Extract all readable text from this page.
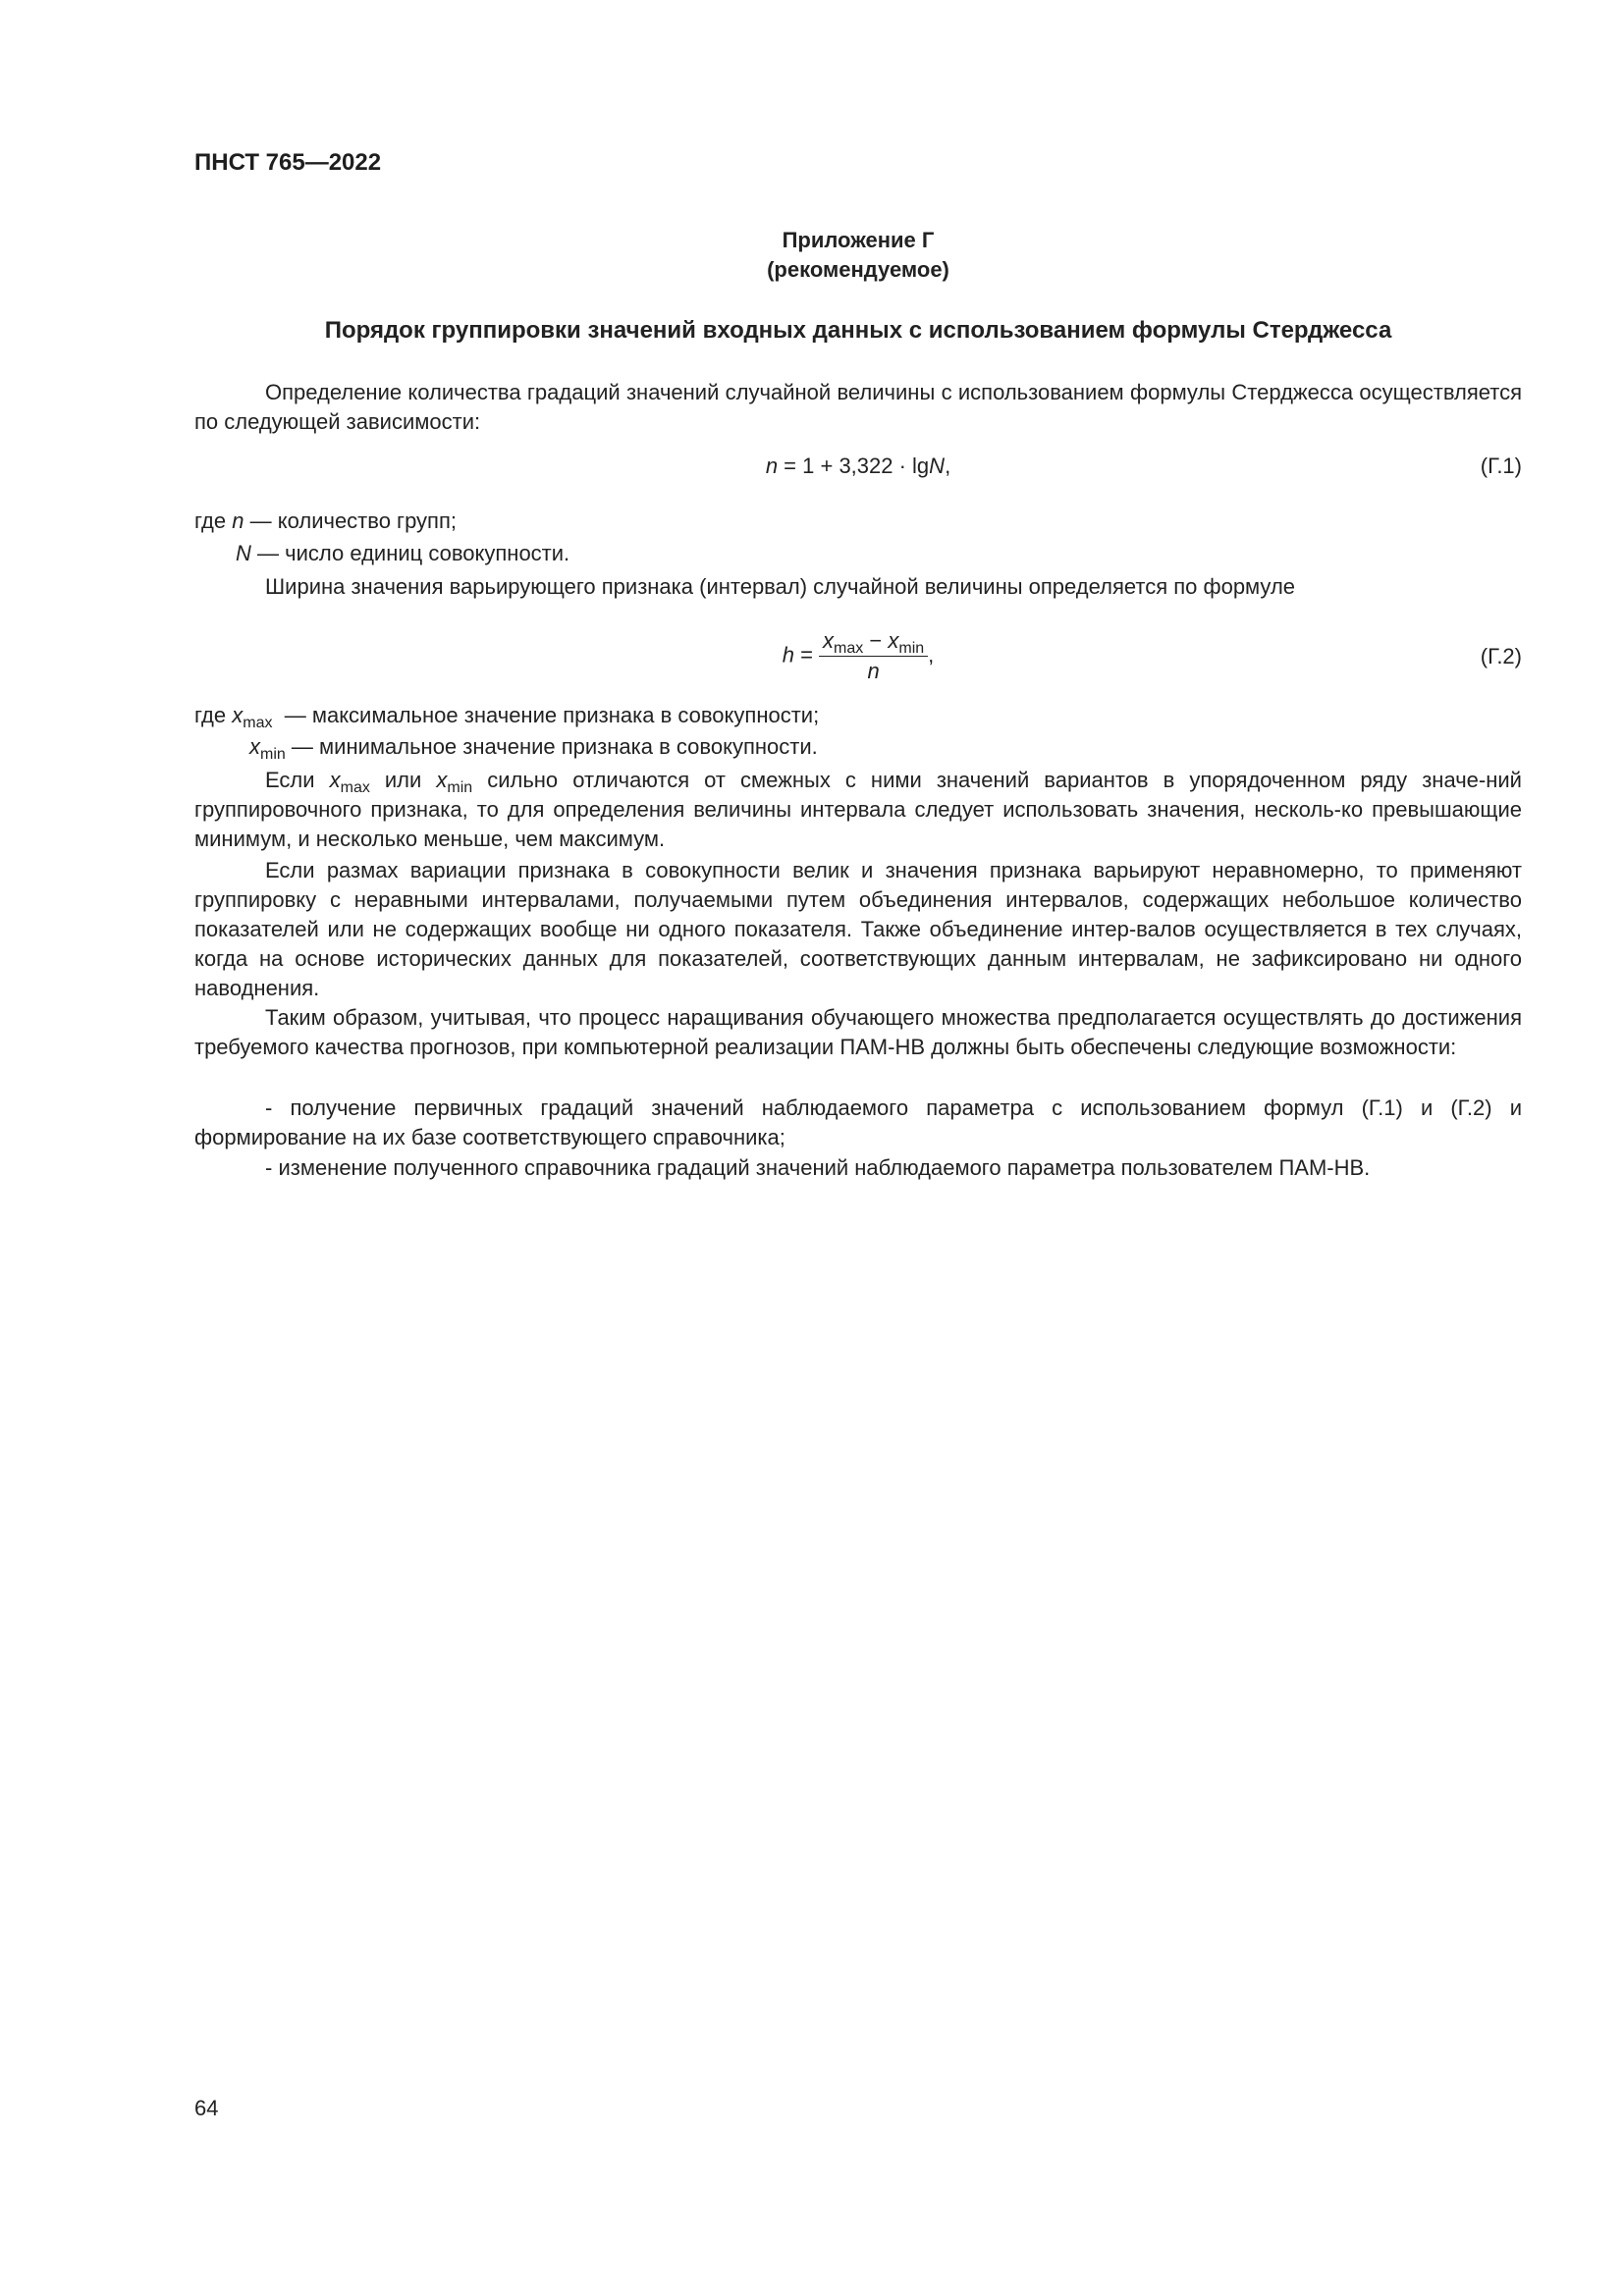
ПНСТ 765—2022
Приложение Г
(рекомендуемое)
Порядок группировки значений входных данных с использованием формулы Стерджесса
Определение количества градаций значений случайной величины с использованием формулы Стерджесса осуществляется по следующей зависимости:
n = 1 + 3,322 · lgN,	(Г.1)
где n — количество групп;
N — число единиц совокупности.
Ширина значения варьирующего признака (интервал) случайной величины определяется по формуле
$h = \frac{x_{max} - x_{min}}{n}$ ,	(Г.2)
где $x_{max}$ — максимальное значение признака в совокупности;
$x_{min}$ — минимальное значение признака в совокупности.
Если $x_{max}$ или $x_{min}$ сильно отличаются от смежных с ними значений вариантов в упорядоченном ряду значе-ний группировочного признака, то для определения величины интервала следует использовать значения, несколь-ко превышающие минимум, и несколько меньше, чем максимум.
Если размах вариации признака в совокупности велик и значения признака варьируют неравномерно, то применяют группировку с неравными интервалами, получаемыми путем объединения интервалов, содержащих небольшое количество показателей или не содержащих вообще ни одного показателя. Также объединение интер-валов осуществляется в тех случаях, когда на основе исторических данных для показателей, соответствующих данным интервалам, не зафиксировано ни одного наводнения.
Таким образом, учитывая, что процесс наращивания обучающего множества предполагается осуществлять до достижения требуемого качества прогнозов, при компьютерной реализации ПАМ-НВ должны быть обеспечены следующие возможности:
- получение первичных градаций значений наблюдаемого параметра с использованием формул (Г.1) и (Г.2) и формирование на их базе соответствующего справочника;
- изменение полученного справочника градаций значений наблюдаемого параметра пользователем ПАМ-НВ.
64
